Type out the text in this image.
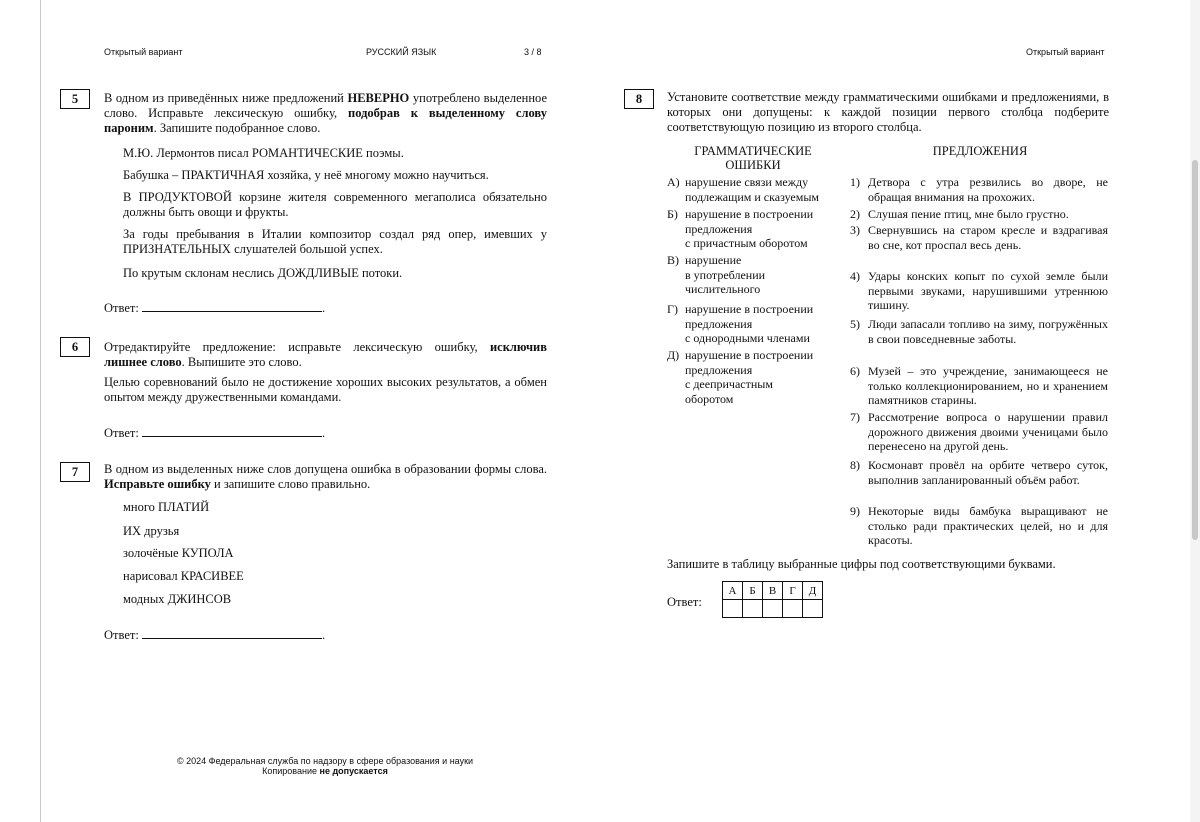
Открытый вариант	РУССКИЙ ЯЗЫК	3 / 8	Открытый вариант
5	В одном из приведённых ниже предложений НЕВЕРНО употреблено выделенное слово. Исправьте лексическую ошибку, подобрав к выделенному слову пароним. Запишите подобранное слово.
М.Ю. Лермонтов писал РОМАНТИЧЕСКИЕ поэмы.
Бабушка – ПРАКТИЧНАЯ хозяйка, у неё многому можно научиться.
В ПРОДУКТОВОЙ корзине жителя современного мегаполиса обязательно должны быть овощи и фрукты.
За годы пребывания в Италии композитор создал ряд опер, имевших у ПРИЗНАТЕЛЬНЫХ слушателей большой успех.
По крутым склонам неслись ДОЖДЛИВЫЕ потоки.
Ответ:	.
6	Отредактируйте предложение: исправьте лексическую ошибку, исключив лишнее слово. Выпишите это слово.
Целью соревнований было не достижение хороших высоких результатов, а обмен опытом между дружественными командами.
Ответ:	.
7	В одном из выделенных ниже слов допущена ошибка в образовании формы слова. Исправьте ошибку и запишите слово правильно.
много ПЛАТИЙ
ИХ друзья
золочёные КУПОЛА
нарисовал КРАСИВЕЕ
модных ДЖИНСОВ
Ответ:	.
8	Установите соответствие между грамматическими ошибками и предложениями, в которых они допущены: к каждой позиции первого столбца подберите соответствующую позицию из второго столбца.
ГРАММАТИЧЕСКИЕ
ОШИБКИ
ПРЕДЛОЖЕНИЯ
А) нарушение связи между
подлежащим и сказуемым
Б) нарушение в построении
предложения
с причастным оборотом
В) нарушение
в употреблении
числительного
Г) нарушение в построении
предложения
с однородными членами
Д) нарушение в построении
предложения
с деепричастным
оборотом
1) Детвора с утра резвились во дворе, не обращая внимания на прохожих.
2) Слушая пение птиц, мне было грустно.
3) Свернувшись на старом кресле и вздрагивая во сне, кот проспал весь день.
4) Удары конских копыт по сухой земле были первыми звуками, нарушившими утреннюю тишину.
5) Люди запасали топливо на зиму, погружённых в свои повседневные заботы.
6) Музей – это учреждение, занимающееся не только коллекционированием, но и хранением памятников старины.
7) Рассмотрение вопроса о нарушении правил дорожного движения двоими ученицами было перенесено на другой день.
8) Космонавт провёл на орбите четверо суток, выполнив запланированный объём работ.
9) Некоторые виды бамбука выращивают не столько ради практических целей, но и для красоты.
Запишите в таблицу выбранные цифры под соответствующими буквами.
Ответ:
А	Б	В	Г	Д

© 2024 Федеральная служба по надзору в сфере образования и науки
Копирование не допускается
